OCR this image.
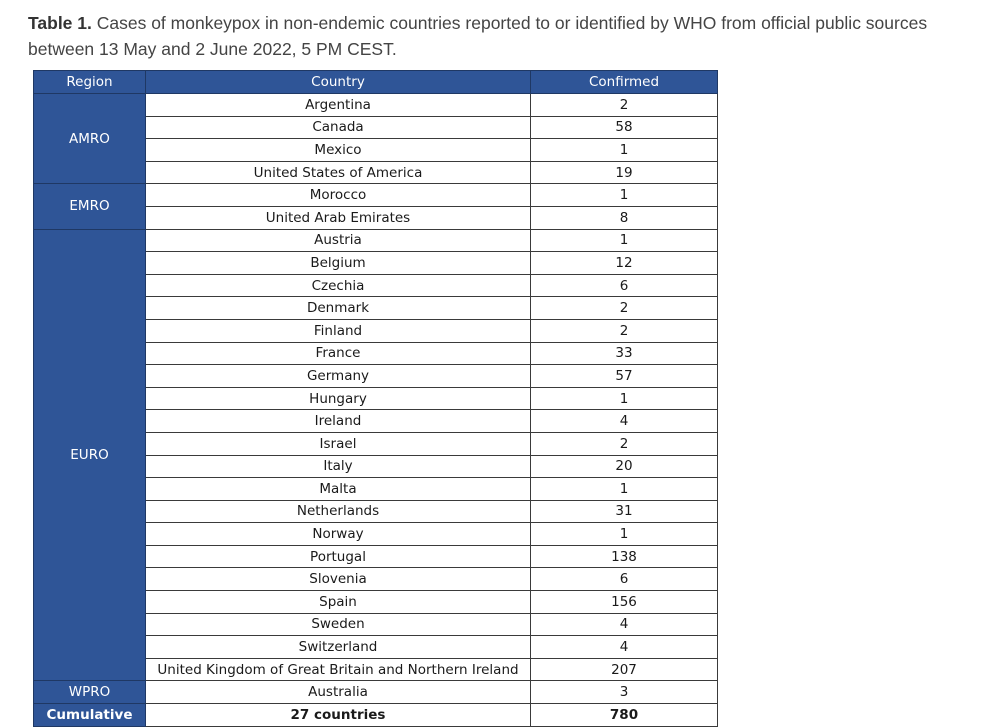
Table 1. Cases of monkeypox in non-endemic countries reported to or identified by WHO from official public sources
between 13 May and 2 June 2022, 5 PM CEST.
Region	Country	Confirmed
AMRO	Argentina	2
	Canada	58
	Mexico	1
	United States of America	19
EMRO	Morocco	1
	United Arab Emirates	8
EURO	Austria	1
	Belgium	12
	Czechia	6
	Denmark	2
	Finland	2
	France	33
	Germany	57
	Hungary	1
	Ireland	4
	Israel	2
	Italy	20
	Malta	1
	Netherlands	31
	Norway	1
	Portugal	138
	Slovenia	6
	Spain	156
	Sweden	4
	Switzerland	4
	United Kingdom of Great Britain and Northern Ireland	207
WPRO	Australia	3
Cumulative	27 countries	780
